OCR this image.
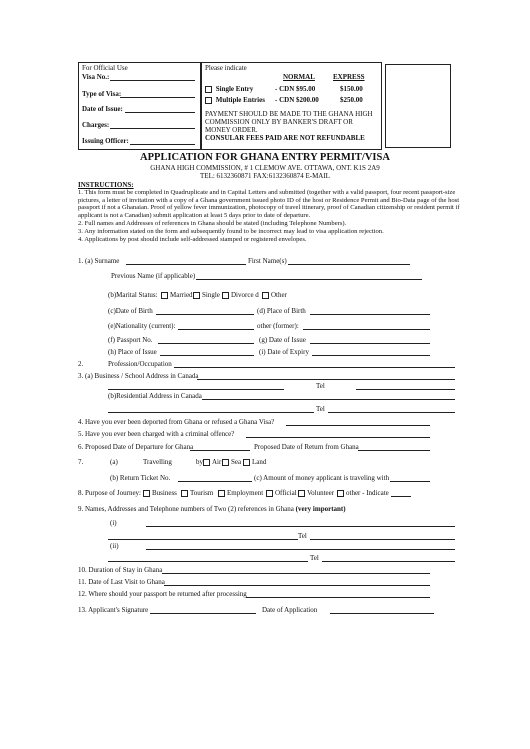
For Official Use
Visa No.:
Type of Visa:
Date of Issue:
Charges:
Issuing Officer:
Please indicate
NORMAL	EXPRESS
Single Entry	- CDN $95.00	$150.00
Multiple Entries - CDN $200.00	$250.00
PAYMENT SHOULD BE MADE TO THE GHANA HIGH COMMISSION ONLY BY BANKER'S DRAFT OR MONEY ORDER.
CONSULAR FEES PAID ARE NOT REFUNDABLE
APPLICATION FOR GHANA ENTRY PERMIT/VISA
GHANA HIGH COMMISSION, # 1 CLEMOW AVE. OTTAWA, ONT. K1S 2A9
TEL: 6132360871 FAX:6132360874 E-MAIL
INSTRUCTIONS:
1. This form must be completed in Quadruplicate and in Capital Letters and submitted (together with a valid passport, four recent passport-size pictures, a letter of invitation with a copy of a Ghana government issued photo ID of the host or Residence Permit and Bio-Data page of the host passport if not a Ghanaian. Proof of yellow fever immunization, photocopy of travel itinerary, proof of Canadian citizenship or resident permit if applicant is not a Canadian) submit application at least 5 days prior to date of departure.
2. Full names and Addresses of references in Ghana should be stated (including Telephone Numbers).
3. Any information stated on the form and subsequently found to be incorrect may lead to visa application rejection.
4. Applications by post should include self-addressed stamped or registered envelopes.
1. (a) Surname	First Name(s)
Previous Name (if applicable)
(b)Marital Status:	Married	Single	Divorce d	Other
(c)Date of Birth	(d) Place of Birth
(e)Nationality (current):	other (former):
(f) Passport No.	(g) Date of Issue
(h) Place of Issue	(i) Date of Expiry
2.	Profession/Occupation
3. (a) Business / School Address in Canada
Tel
(b)Residential Address in Canada
Tel
4. Have you ever been deported from Ghana or refused a Ghana Visa?
5. Have you ever been charged with a criminal offence?
6. Proposed Date of Departure for Ghana	Proposed Date of Return from Ghana
7.	(a)	Travelling	by	Air	Sea	Land
(b) Return Ticket No.	(c) Amount of money applicant is traveling with
8. Purpose of Journey:	Business	Tourism	Employment	Official	Volunteer	other - Indicate
9. Names, Addresses and Telephone numbers of Two (2) references in Ghana (very important)
(i)
Tel
(ii)
Tel
10. Duration of Stay in Ghana
11. Date of Last Visit to Ghana
12. Where should your passport be returned after processing
13. Applicant's Signature	Date of Application
